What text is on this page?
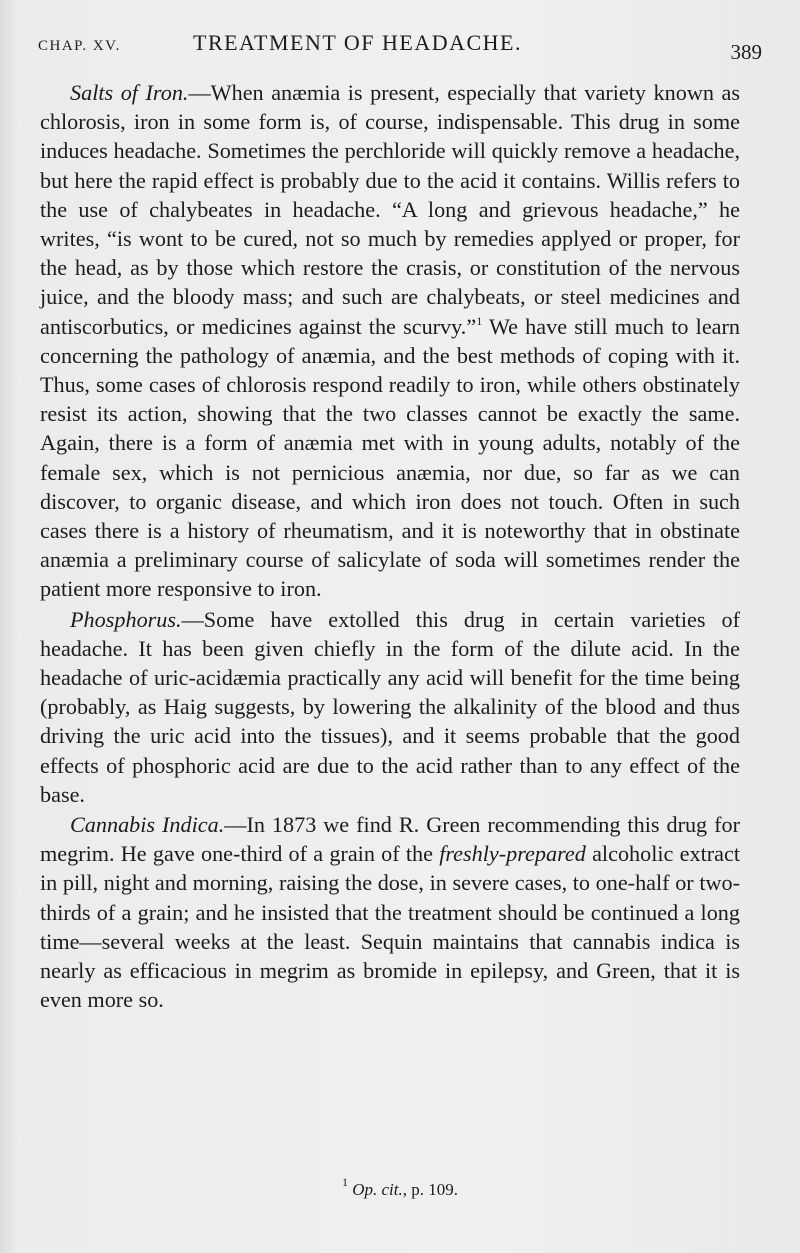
CHAP. XV.	TREATMENT OF HEADACHE.	389

Salts of Iron.—When anæmia is present, especially that variety known as chlorosis, iron in some form is, of course, indispensable. This drug in some induces headache. Sometimes the perchloride will quickly remove a headache, but here the rapid effect is probably due to the acid it contains. Willis refers to the use of chalybeates in headache. “A long and grievous headache,” he writes, “is wont to be cured, not so much by remedies applyed or proper, for the head, as by those which restore the crasis, or constitution of the nervous juice, and the bloody mass; and such are chalybeats, or steel medicines and antiscorbutics, or medicines against the scurvy.”$^1$ We have still much to learn concerning the pathology of anæmia, and the best methods of coping with it. Thus, some cases of chlorosis respond readily to iron, while others obstinately resist its action, showing that the two classes cannot be exactly the same. Again, there is a form of anæmia met with in young adults, notably of the female sex, which is not pernicious anæmia, nor due, so far as we can discover, to organic disease, and which iron does not touch. Often in such cases there is a history of rheumatism, and it is noteworthy that in obstinate anæmia a preliminary course of salicylate of soda will sometimes render the patient more responsive to iron.

Phosphorus.—Some have extolled this drug in certain varieties of headache. It has been given chiefly in the form of the dilute acid. In the headache of uric-acidæmia practically any acid will benefit for the time being (probably, as Haig suggests, by lowering the alkalinity of the blood and thus driving the uric acid into the tissues), and it seems probable that the good effects of phosphoric acid are due to the acid rather than to any effect of the base.

Cannabis Indica.—In 1873 we find R. Green recommending this drug for megrim. He gave one-third of a grain of the freshly-prepared alcoholic extract in pill, night and morning, raising the dose, in severe cases, to one-half or two-thirds of a grain; and he insisted that the treatment should be continued a long time—several weeks at the least. Sequin maintains that cannabis indica is nearly as efficacious in megrim as bromide in epilepsy, and Green, that it is even more so.

$^1$ Op. cit., p. 109.
